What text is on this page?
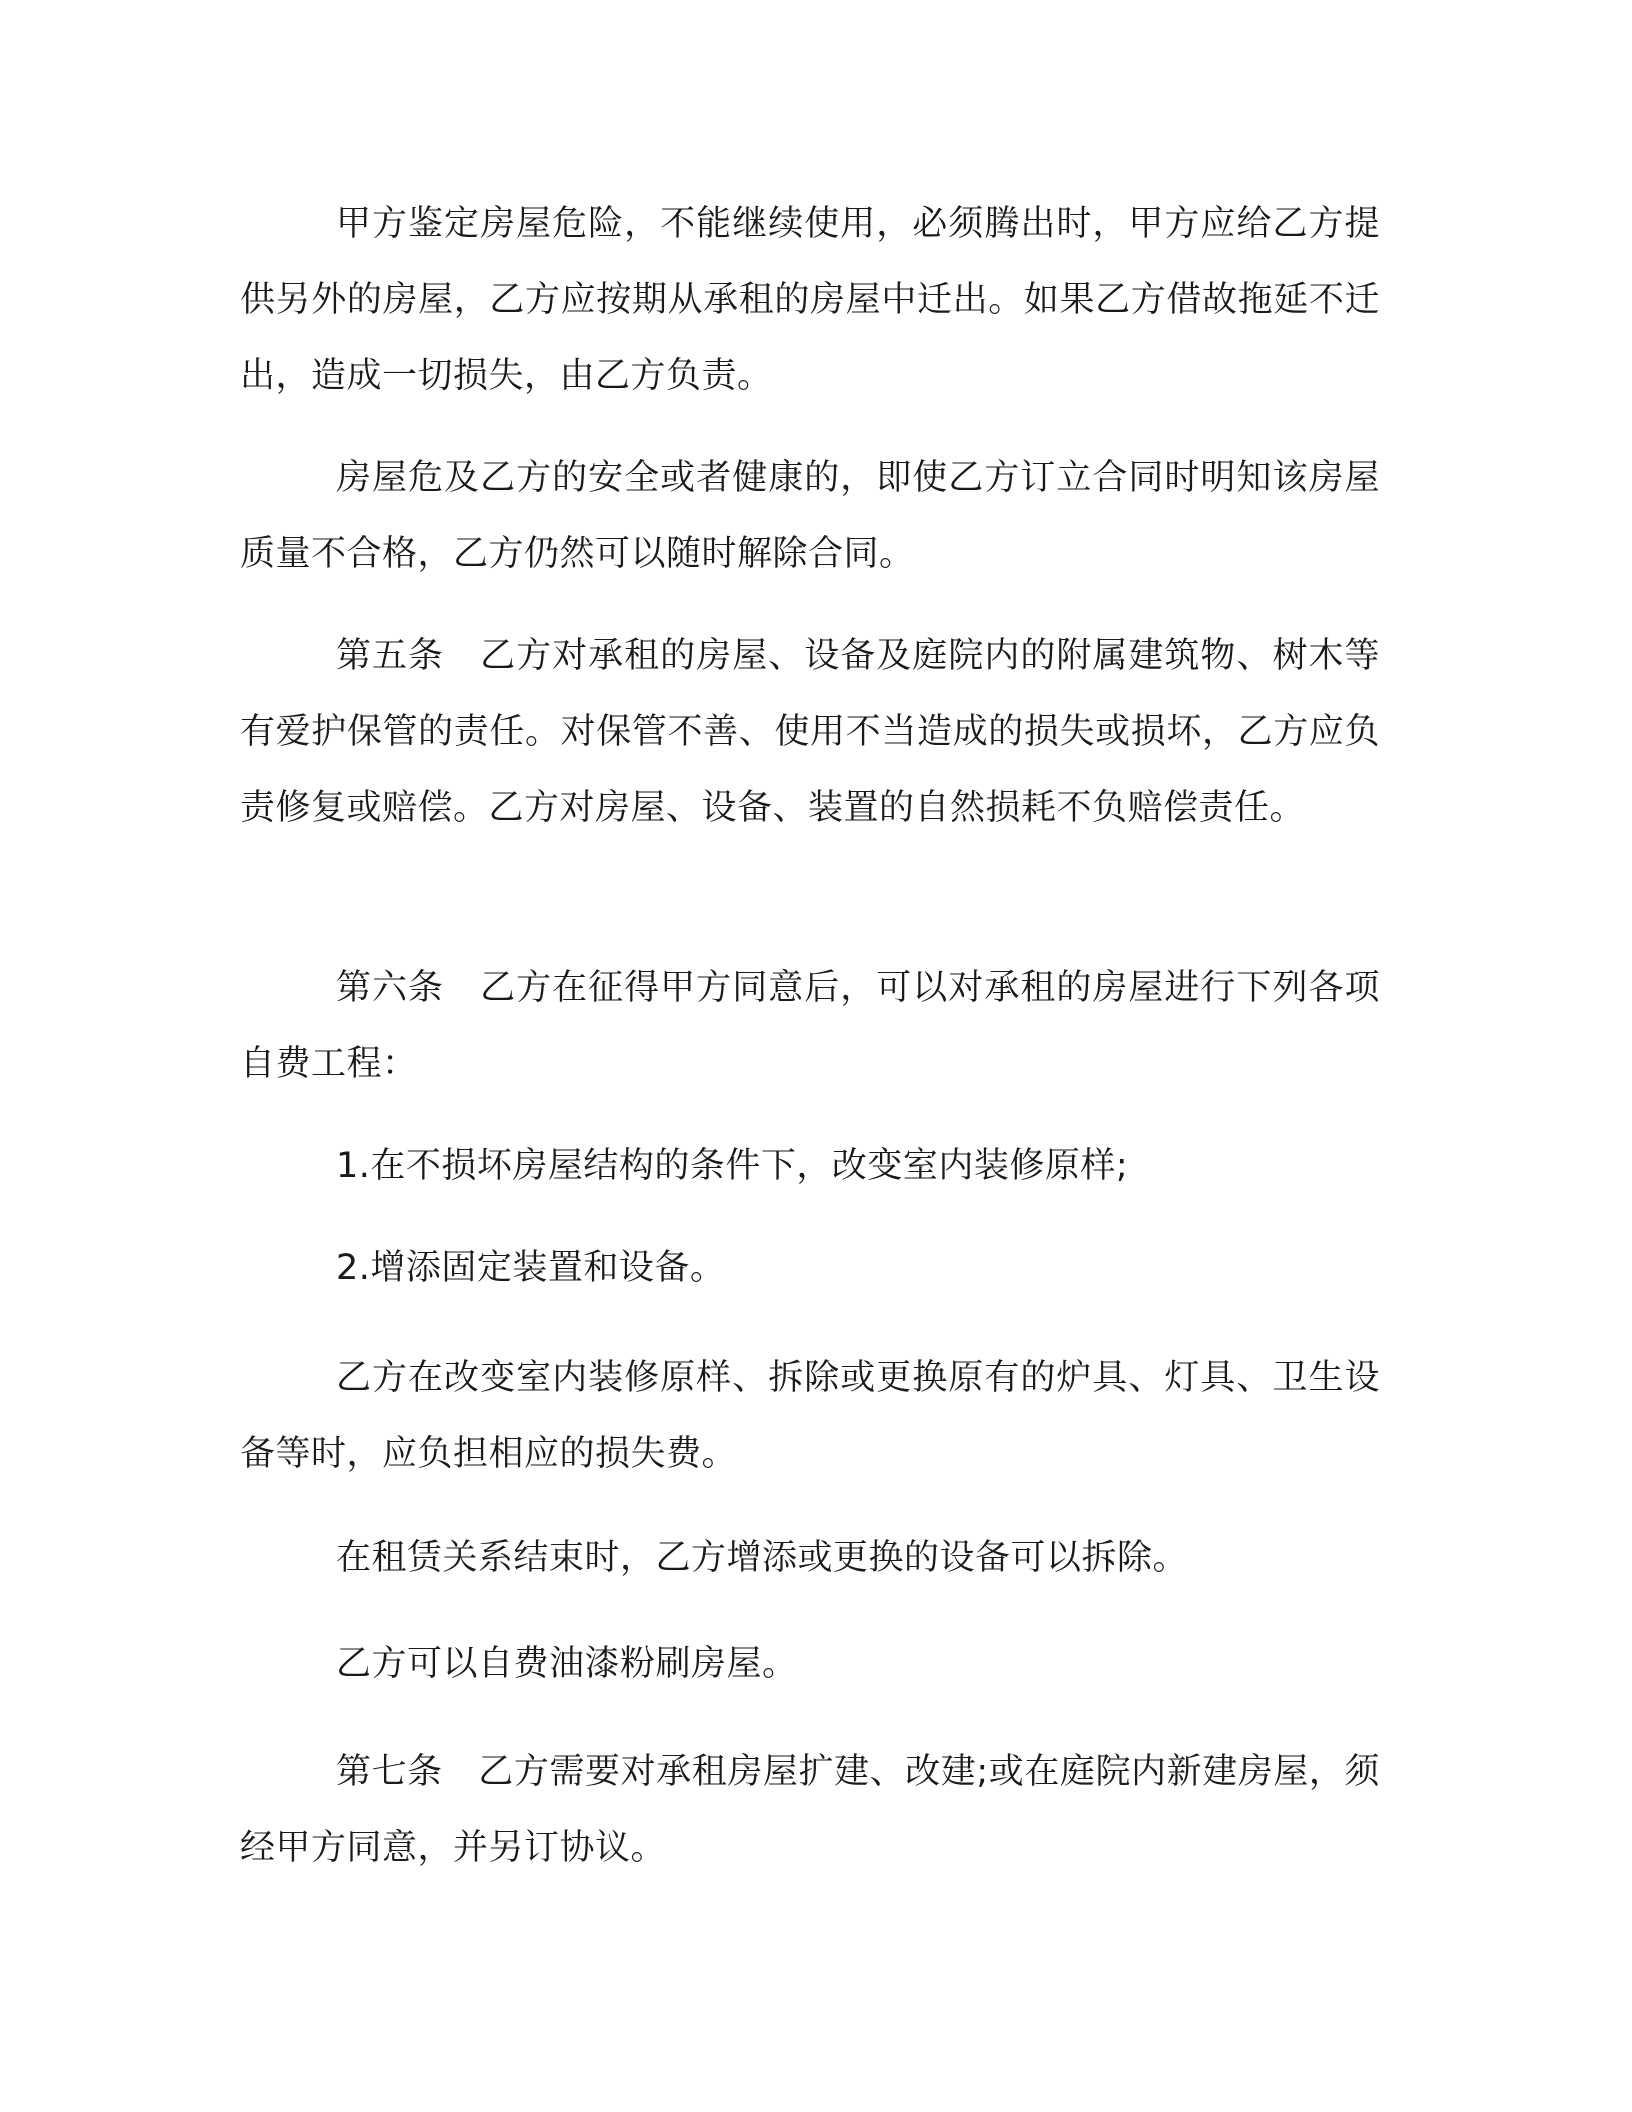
甲方鉴定房屋危险，不能继续使用，必须腾出时，甲方应给乙方提供另外的房屋，乙方应按期从承租的房屋中迁出。如果乙方借故拖延不迁出，造成一切损失，由乙方负责。

房屋危及乙方的安全或者健康的，即使乙方订立合同时明知该房屋质量不合格，乙方仍然可以随时解除合同。

第五条　乙方对承租的房屋、设备及庭院内的附属建筑物、树木等有爱护保管的责任。对保管不善、使用不当造成的损失或损坏，乙方应负责修复或赔偿。乙方对房屋、设备、装置的自然损耗不负赔偿责任。

第六条　乙方在征得甲方同意后，可以对承租的房屋进行下列各项自费工程：

1.在不损坏房屋结构的条件下，改变室内装修原样;

2.增添固定装置和设备。

乙方在改变室内装修原样、拆除或更换原有的炉具、灯具、卫生设备等时，应负担相应的损失费。

在租赁关系结束时，乙方增添或更换的设备可以拆除。

乙方可以自费油漆粉刷房屋。

第七条　乙方需要对承租房屋扩建、改建;或在庭院内新建房屋，须经甲方同意，并另订协议。
